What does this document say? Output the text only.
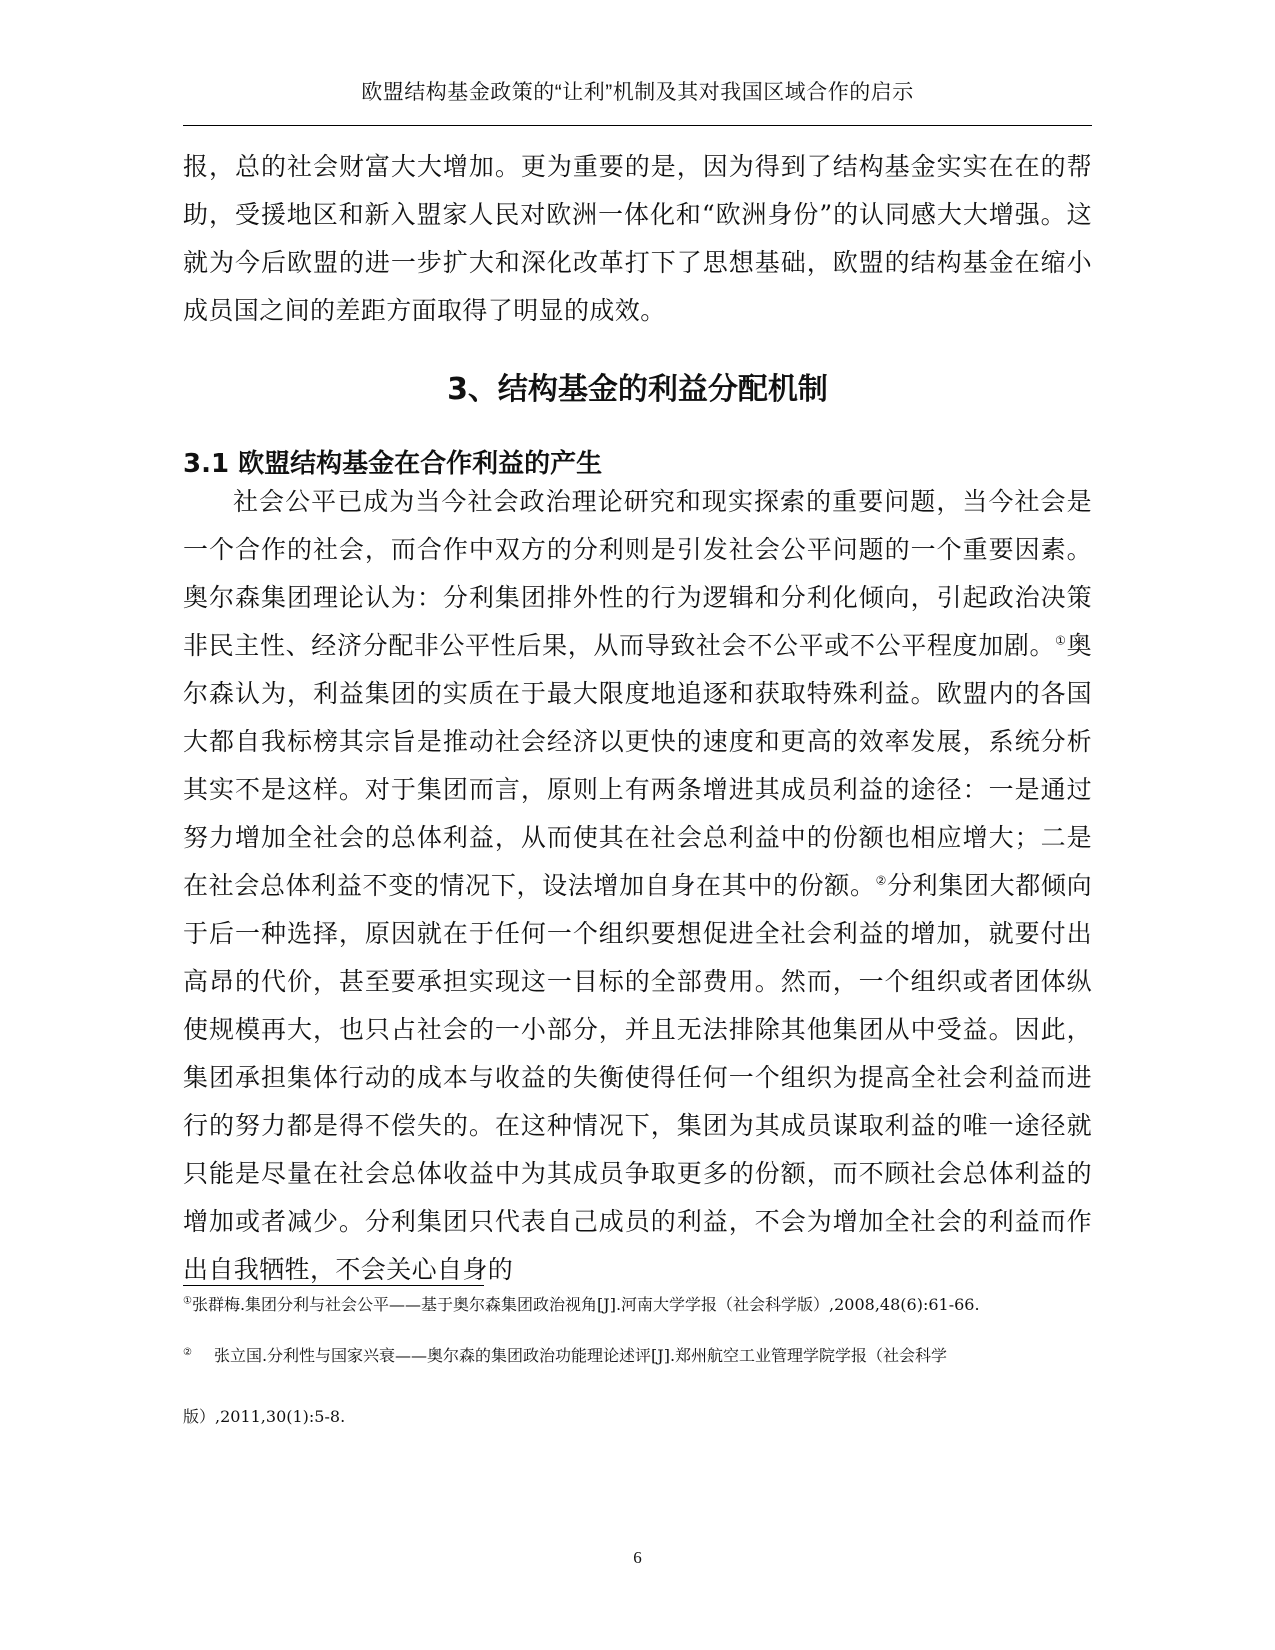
欧盟结构基金政策的“让利”机制及其对我国区域合作的启示

报，总的社会财富大大增加。更为重要的是，因为得到了结构基金实实在在的帮助，受援地区和新入盟家人民对欧洲一体化和“欧洲身份”的认同感大大增强。这就为今后欧盟的进一步扩大和深化改革打下了思想基础，欧盟的结构基金在缩小成员国之间的差距方面取得了明显的成效。

3、结构基金的利益分配机制
3.1 欧盟结构基金在合作利益的产生

社会公平已成为当今社会政治理论研究和现实探索的重要问题，当今社会是一个合作的社会，而合作中双方的分利则是引发社会公平问题的一个重要因素。奥尔森集团理论认为：分利集团排外性的行为逻辑和分利化倾向，引起政治决策非民主性、经济分配非公平性后果，从而导致社会不公平或不公平程度加剧。①奥尔森认为，利益集团的实质在于最大限度地追逐和获取特殊利益。欧盟内的各国大都自我标榜其宗旨是推动社会经济以更快的速度和更高的效率发展，系统分析其实不是这样。对于集团而言，原则上有两条增进其成员利益的途径：一是通过努力增加全社会的总体利益，从而使其在社会总利益中的份额也相应增大；二是在社会总体利益不变的情况下，设法增加自身在其中的份额。②分利集团大都倾向于后一种选择，原因就在于任何一个组织要想促进全社会利益的增加，就要付出高昂的代价，甚至要承担实现这一目标的全部费用。然而，一个组织或者团体纵使规模再大，也只占社会的一小部分，并且无法排除其他集团从中受益。因此，集团承担集体行动的成本与收益的失衡使得任何一个组织为提高全社会利益而进行的努力都是得不偿失的。在这种情况下，集团为其成员谋取利益的唯一途径就只能是尽量在社会总体收益中为其成员争取更多的份额，而不顾社会总体利益的增加或者减少。分利集团只代表自己成员的利益，不会为增加全社会的利益而作出自我牺牲，不会关心自身的

①张群梅.集团分利与社会公平——基于奥尔森集团政治视角[J].河南大学学报（社会科学版）,2008,48(6):61-66.

② 张立国.分利性与国家兴衰——奥尔森的集团政治功能理论述评[J].郑州航空工业管理学院学报（社会科学

版）,2011,30(1):5-8.

6
